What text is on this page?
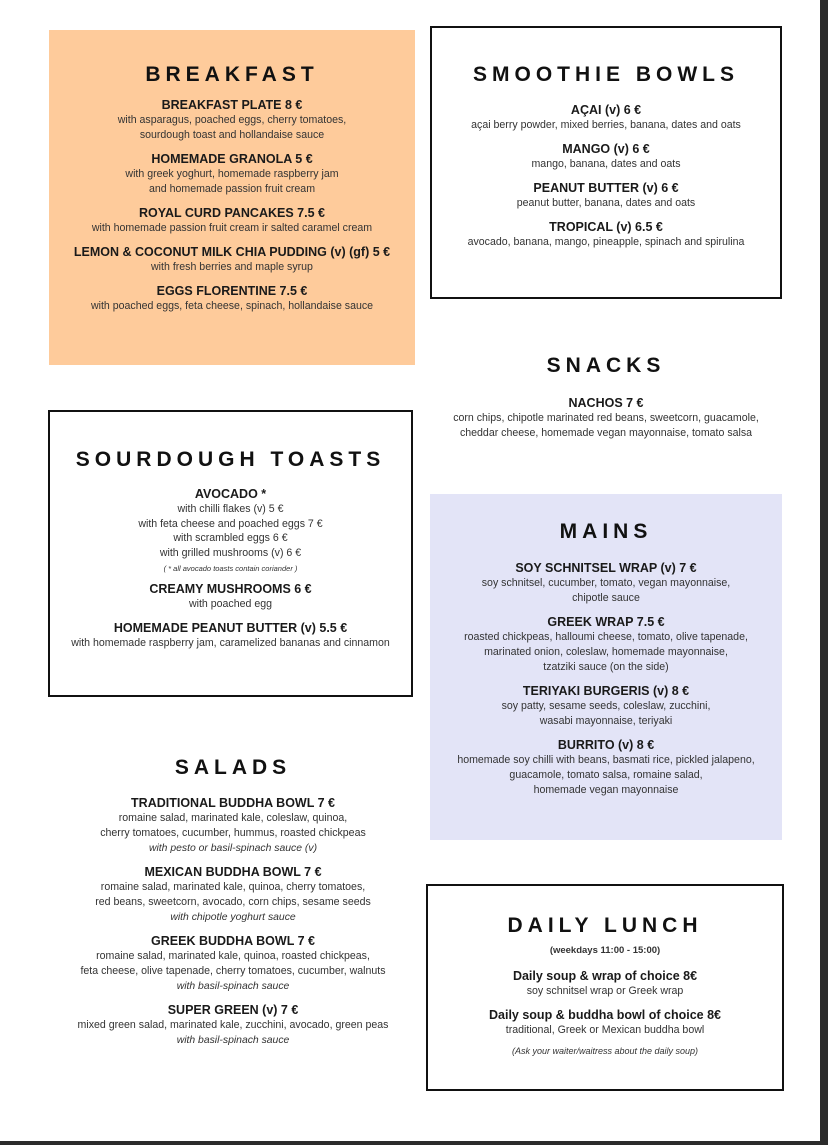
BREAKFAST
BREAKFAST PLATE 8 €
with asparagus, poached eggs, cherry tomatoes,
sourdough toast and hollandaise sauce
HOMEMADE GRANOLA 5 €
with greek yoghurt, homemade raspberry jam
and homemade passion fruit cream
ROYAL CURD PANCAKES 7.5 €
with homemade passion fruit cream ir salted caramel cream
LEMON & COCONUT MILK CHIA PUDDING (v) (gf) 5 €
with fresh berries and maple syrup
EGGS FLORENTINE 7.5 €
with poached eggs, feta cheese, spinach, hollandaise sauce
SMOOTHIE BOWLS
AÇAI (v) 6 €
açai berry powder, mixed berries, banana, dates and oats
MANGO (v) 6 €
mango, banana, dates and oats
PEANUT BUTTER (v) 6 €
peanut butter, banana, dates and oats
TROPICAL (v) 6.5 €
avocado, banana, mango, pineapple, spinach and spirulina
SNACKS
NACHOS 7 €
corn chips, chipotle marinated red beans, sweetcorn, guacamole,
cheddar cheese, homemade vegan mayonnaise, tomato salsa
SOURDOUGH TOASTS
AVOCADO *
with chilli flakes (v) 5 €
with feta cheese and poached eggs 7 €
with scrambled eggs 6 €
with grilled mushrooms (v) 6 €
( * all avocado toasts contain coriander )
CREAMY MUSHROOMS 6 €
with poached egg
HOMEMADE PEANUT BUTTER (v) 5.5 €
with homemade raspberry jam, caramelized bananas and cinnamon
MAINS
SOY SCHNITSEL WRAP (v) 7 €
soy schnitsel, cucumber, tomato, vegan mayonnaise,
chipotle sauce
GREEK WRAP 7.5 €
roasted chickpeas, halloumi cheese, tomato, olive tapenade,
marinated onion, coleslaw, homemade mayonnaise,
tzatziki sauce (on the side)
TERIYAKI BURGERIS (v) 8 €
soy patty, sesame seeds, coleslaw, zucchini,
wasabi mayonnaise, teriyaki
BURRITO (v) 8 €
homemade soy chilli with beans, basmati rice, pickled jalapeno,
guacamole, tomato salsa, romaine salad,
homemade vegan mayonnaise
SALADS
TRADITIONAL BUDDHA BOWL 7 €
romaine salad, marinated kale, coleslaw, quinoa,
cherry tomatoes, cucumber, hummus, roasted chickpeas
with pesto or basil-spinach sauce (v)
MEXICAN BUDDHA BOWL 7 €
romaine salad, marinated kale, quinoa, cherry tomatoes,
red beans, sweetcorn, avocado, corn chips, sesame seeds
with chipotle yoghurt sauce
GREEK BUDDHA BOWL 7 €
romaine salad, marinated kale, quinoa, roasted chickpeas,
feta cheese, olive tapenade, cherry tomatoes, cucumber, walnuts
with basil-spinach sauce
SUPER GREEN (v) 7 €
mixed green salad, marinated kale, zucchini, avocado, green peas
with basil-spinach sauce
DAILY LUNCH
(weekdays 11:00 - 15:00)
Daily soup & wrap of choice 8€
soy schnitsel wrap or Greek wrap
Daily soup & buddha bowl of choice 8€
traditional, Greek or Mexican buddha bowl
(Ask your waiter/waitress about the daily soup)
